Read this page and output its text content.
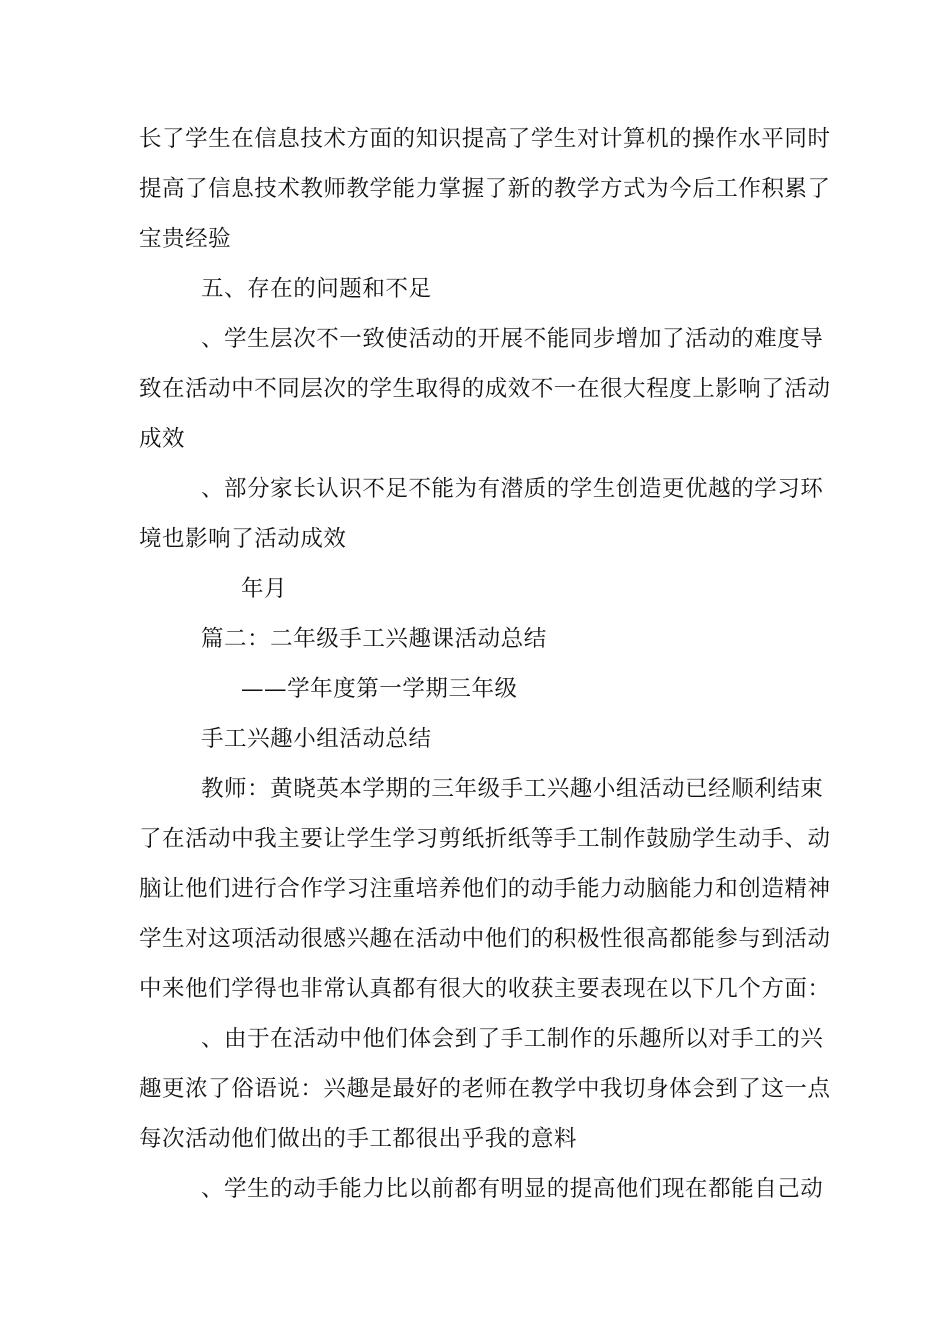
长了学生在信息技术方面的知识提高了学生对计算机的操作水平同时
提高了信息技术教师教学能力掌握了新的教学方式为今后工作积累了
宝贵经验
五、存在的问题和不足
、学生层次不一致使活动的开展不能同步增加了活动的难度导
致在活动中不同层次的学生取得的成效不一在很大程度上影响了活动
成效
、部分家长认识不足不能为有潜质的学生创造更优越的学习环
境也影响了活动成效
年月
篇二：二年级手工兴趣课活动总结
——学年度第一学期三年级
手工兴趣小组活动总结
教师：黄晓英本学期的三年级手工兴趣小组活动已经顺利结束
了在活动中我主要让学生学习剪纸折纸等手工制作鼓励学生动手、动
脑让他们进行合作学习注重培养他们的动手能力动脑能力和创造精神
学生对这项活动很感兴趣在活动中他们的积极性很高都能参与到活动
中来他们学得也非常认真都有很大的收获主要表现在以下几个方面：
、由于在活动中他们体会到了手工制作的乐趣所以对手工的兴
趣更浓了俗语说：兴趣是最好的老师在教学中我切身体会到了这一点
每次活动他们做出的手工都很出乎我的意料
、学生的动手能力比以前都有明显的提高他们现在都能自己动
